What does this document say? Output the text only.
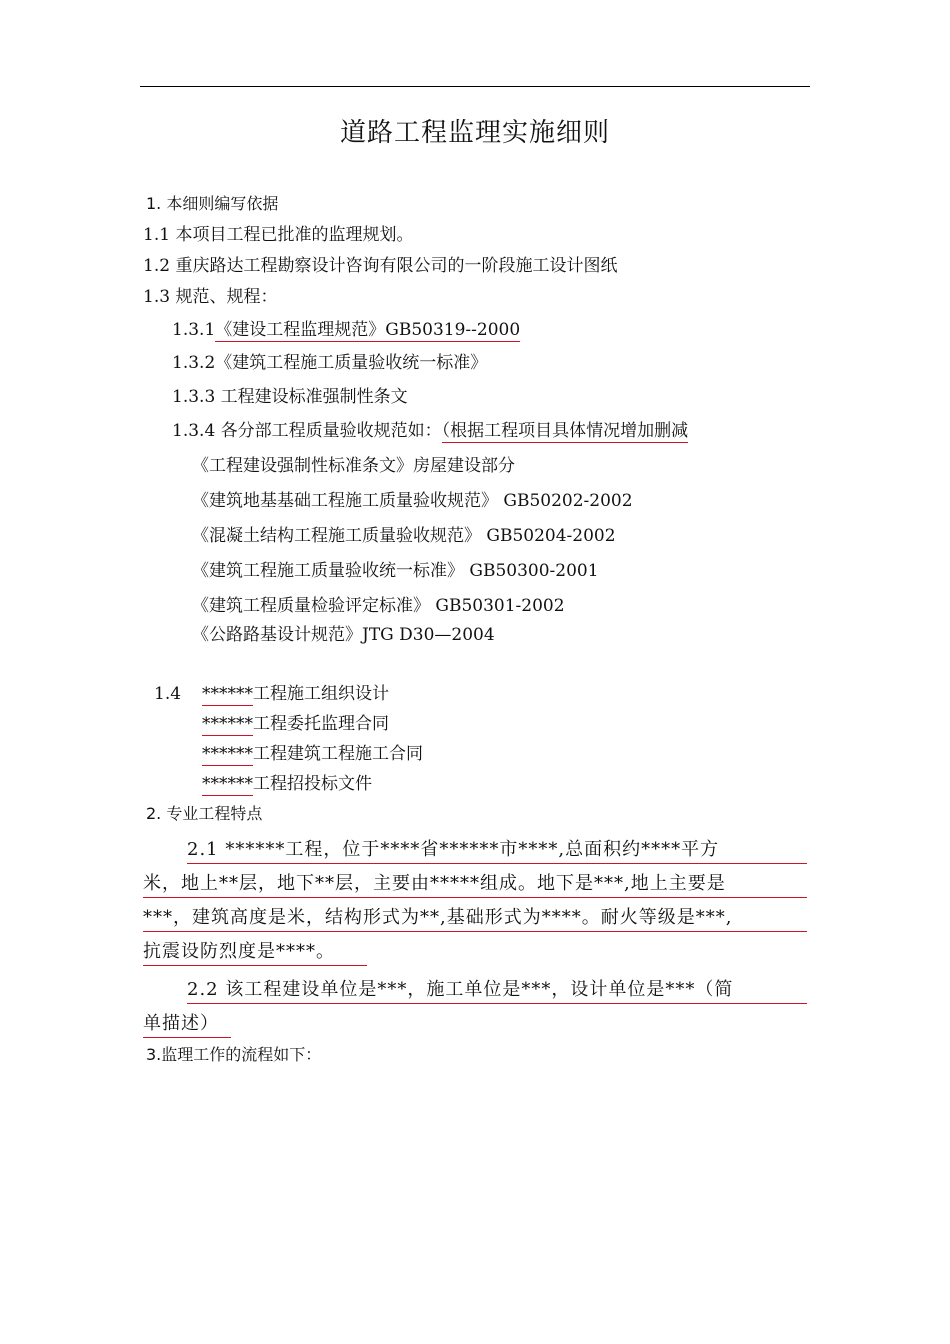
道路工程监理实施细则
1. 本细则编写依据
1.1 本项目工程已批准的监理规划。
1.2 重庆路达工程勘察设计咨询有限公司的一阶段施工设计图纸
1.3 规范、规程：
1.3.1《建设工程监理规范》GB50319--2000
1.3.2《建筑工程施工质量验收统一标准》
1.3.3 工程建设标准强制性条文
1.3.4 各分部工程质量验收规范如：（根据工程项目具体情况增加删减
《工程建设强制性标准条文》房屋建设部分
《建筑地基基础工程施工质量验收规范》 GB50202-2002
《混凝土结构工程施工质量验收规范》 GB50204-2002
《建筑工程施工质量验收统一标准》 GB50300-2001
《建筑工程质量检验评定标准》 GB50301-2002
《公路路基设计规范》JTG D30—2004
1.4 ******工程施工组织设计
******工程委托监理合同
******工程建筑工程施工合同
******工程招投标文件
2. 专业工程特点
2.1 ******工程，位于****省******市****,总面积约****平方
米，地上**层，地下**层，主要由*****组成。地下是***,地上主要是
***，建筑高度是米，结构形式为**,基础形式为****。耐火等级是***,
抗震设防烈度是****。
2.2 该工程建设单位是***，施工单位是***，设计单位是***（简
单描述）
3.监理工作的流程如下：
